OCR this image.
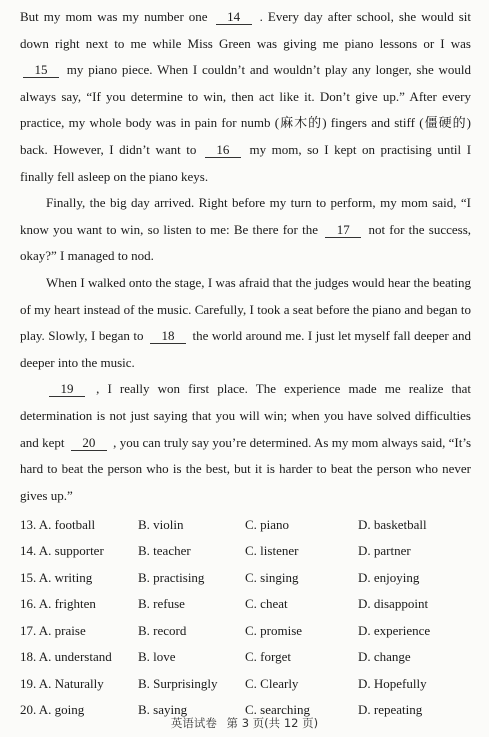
But my mom was my number one 14 . Every day after school, she would sit down right next to me while Miss Green was giving me piano lessons or I was 15 my piano piece. When I couldn’t and wouldn’t play any longer, she would always say, “If you determine to win, then act like it. Don’t give up.” After every practice, my whole body was in pain for numb (麻木的) fingers and stiff (僵硬的) back. However, I didn’t want to 16 my mom, so I kept on practising until I finally fell asleep on the piano keys.

Finally, the big day arrived. Right before my turn to perform, my mom said, “I know you want to win, so listen to me: Be there for the 17 not for the success, okay?” I managed to nod.

When I walked onto the stage, I was afraid that the judges would hear the beating of my heart instead of the music. Carefully, I took a seat before the piano and began to play. Slowly, I began to 18 the world around me. I just let myself fall deeper and deeper into the music.

19 , I really won first place. The experience made me realize that determination is not just saying that you will win; when you have solved difficulties and kept 20 , you can truly say you’re determined. As my mom always said, “It’s hard to beat the person who is the best, but it is harder to beat the person who never gives up.”

13. A. football	B. violin	C. piano	D. basketball
14. A. supporter	B. teacher	C. listener	D. partner
15. A. writing	B. practising	C. singing	D. enjoying
16. A. frighten	B. refuse	C. cheat	D. disappoint
17. A. praise	B. record	C. promise	D. experience
18. A. understand	B. love	C. forget	D. change
19. A. Naturally	B. Surprisingly	C. Clearly	D. Hopefully
20. A. going	B. saying	C. searching	D. repeating
英语试卷 第 3 页(共 12 页)
